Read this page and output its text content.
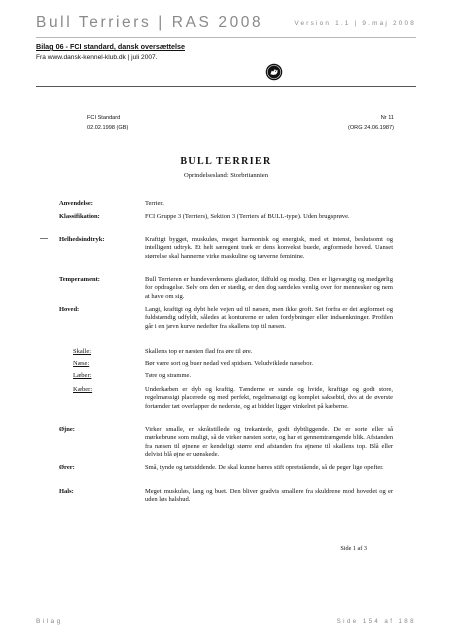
Bull Terriers | RAS 2008	Version 1.1 | 9.maj 2008
Bilag 06 - FCI standard, dansk oversættelse
Fra www.dansk-kennel-klub.dk | juli 2007.
FCI Standard
02.02.1998 (GB)
Nr 11
(ORG 24.06.1987)
BULL TERRIER
Oprindelsesland: Storbritannien
Anvendelse:	Terrier.
Klassifikation:	FCI Gruppe 3 (Terriers), Sektion 3 (Terriers af BULL-type). Uden brugsprøve.
Helhedsindtryk:	Kraftigt bygget, muskuløs, meget harmonisk og energisk, med et intenst, beslutsomt og intelligent udtryk. Et helt særegent træk er dens konvekst buede, ægformede hoved. Uanset størrelse skal hannerne virke maskuline og tæverne feminine.
Temperament:	Bull Terrieren er hundeverdenens gladiator, ildfuld og modig. Den er ligevægtig og medgørlig for opdragelse. Selv om den er stædig, er den dog særdeles venlig over for mennesker og nem at have om sig.
Hoved:	Langt, kraftigt og dybt hele vejen ud til næsen, men ikke groft. Set forfra er det ægformet og fuldstændig udfyldt, således at konturerne er uden fordybninger eller indsænkninger. Profilen går i en jævn kurve nedefter fra skallens top til næsen.
Skalle:	Skallens top er næsten flad fra øre til øre.
Næse:	Bør være sort og buer nedad ved spidsen. Veludviklede næsebor.
Læber:	Tøre og stramme.
Kæber:	Underkæben er dyb og kraftig. Tænderne er sunde og hvide, kraftige og godt store, regelmæssigt placerede og med perfekt, regelmæssigt og komplet saksebid, dvs at de øverste fortænder tæt overlapper de nederste, og at biddet ligger vinkelret på kæberne.
Øjne:	Virker smalle, er skråtstillede og trekantede, godt dybtliggende. De er sorte eller så mørkebrune som muligt, så de virker næsten sorte, og har et gennemtrængende blik. Afstanden fra næsen til øjnene er kendeligt større end afstanden fra øjnene til skallens top. Blå eller delvist blå øjne er uønskede.
Ører:	Små, tynde og tætsiddende. De skal kunne bæres stift opretstående, så de peger lige opefter.
Hals:	Meget muskuløs, lang og buet. Den bliver gradvis smallere fra skuldrene mod hovedet og er uden løs halshud.
Side 1 af 3
Bilag	Side 154 af 188
